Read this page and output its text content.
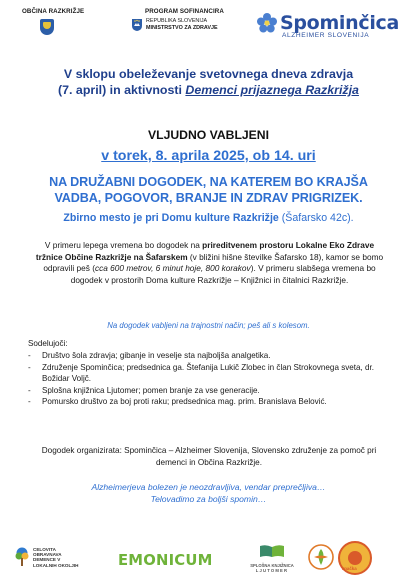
OBČINA RAZKRIŽJE	PROGRAM SOFINANCIRA
REPUBLIKA SLOVENIJA
MINISTRSTVO ZA ZDRAVJE	Spominčica
ALZHEIMER SLOVENIJA
V sklopu obeleževanje svetovnega dneva zdravja
(7. april) in aktivnosti Demenci prijaznega Razkrižja
VLJUDNO VABLJENI
v torek, 8. aprila 2025, ob 14. uri
NA DRUŽABNI DOGODEK, NA KATEREM BO KRAJŠA
VADBA, POGOVOR, BRANJE IN ZDRAV PRIGRIZEK.
Zbirno mesto je pri Domu kulture Razkrižje (Šafarsko 42c).
V primeru lepega vremena bo dogodek na prireditvenem prostoru Lokalne Eko Zdrave tržnice Občine Razkrižje na Šafarskem (v bližini hišne številke Šafarsko 18), kamor se bomo odpravili peš (cca 600 metrov, 6 minut hoje, 800 korakov). V primeru slabšega vremena bo dogodek v prostorih Doma kulture Razkrižje – Knjižnici in čitalnici Razkrižje.
Na dogodek vabljeni na trajnostni način; peš ali s kolesom.
Sodelujoči:
- Društvo šola zdravja; gibanje in veselje sta najboljša analgetika.
- Združenje Spominčica; predsednica ga. Štefanija Lukič Zlobec in član Strokovnega sveta, dr. Božidar Voljč.
- Splošna knjižnica Ljutomer; pomen branje za vse generacije.
- Pomursko društvo za boj proti raku; predsednica mag. prim. Branislava Belović.
Dogodek organizirata: Spominčica – Alzheimer Slovenija, Slovensko združenje za pomoč pri demenci in Občina Razkrižje.
Alzheimerjeva bolezen je neozdravljiva, vendar preprečljiva…
Telovadimo za boljši spomin…
CELOVITA
OBRAVNAVA
DEMENCE V
LOKALNIH OKOLJIH	EMONICUM	SPLOŠNA KNJIŽNICA
LJUTOMER	značka
